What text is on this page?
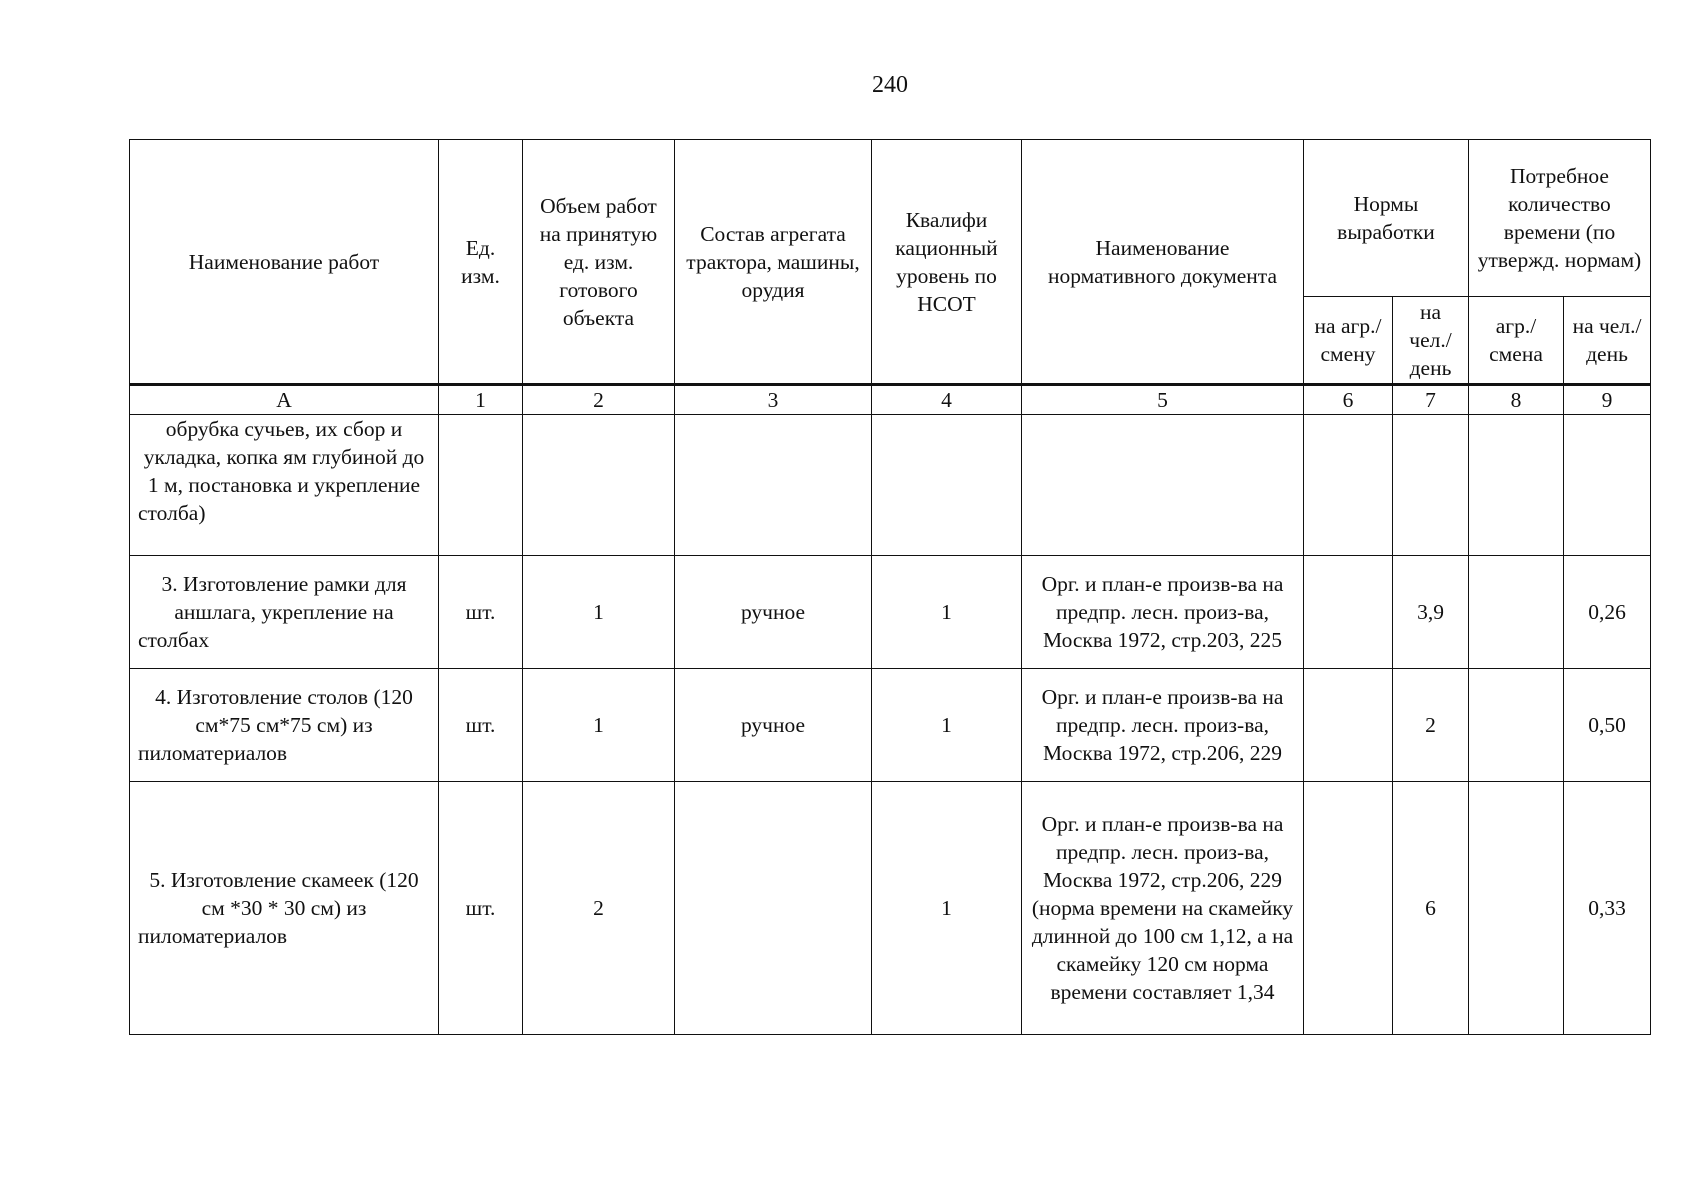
240
Наименование работ	Ед. изм.	Объем работ на принятую ед. изм. готового объекта	Состав агрегата трактора, машины, орудия	Квалифи кационный уровень по НСОТ	Наименование нормативного документа	Нормы выработки		Потребное количество времени (по утвержд. нормам)	
						на агр./ смену	на чел./ день	агр./ смена	на чел./ день
А	1	2	3	4	5	6	7	8	9
обрубка сучьев, их сбор и укладка, копка ям глубиной до 1 м, постановка и укрепление столба)									
3. Изготовление рамки для аншлага, укрепление на столбах	шт.	1	ручное	1	Орг. и план-е произв-ва на предпр. лесн. произ-ва, Москва 1972, стр.203, 225		3,9		0,26
4. Изготовление столов (120 см*75 см*75 см) из пиломатериалов	шт.	1	ручное	1	Орг. и план-е произв-ва на предпр. лесн. произ-ва, Москва 1972, стр.206, 229		2		0,50
5. Изготовление скамеек (120 см *30 * 30 см) из пиломатериалов	шт.	2		1	Орг. и план-е произв-ва на предпр. лесн. произ-ва, Москва 1972, стр.206, 229 (норма времени на скамейку длинной до 100 см 1,12, а на скамейку 120 см норма времени составляет 1,34		6		0,33
